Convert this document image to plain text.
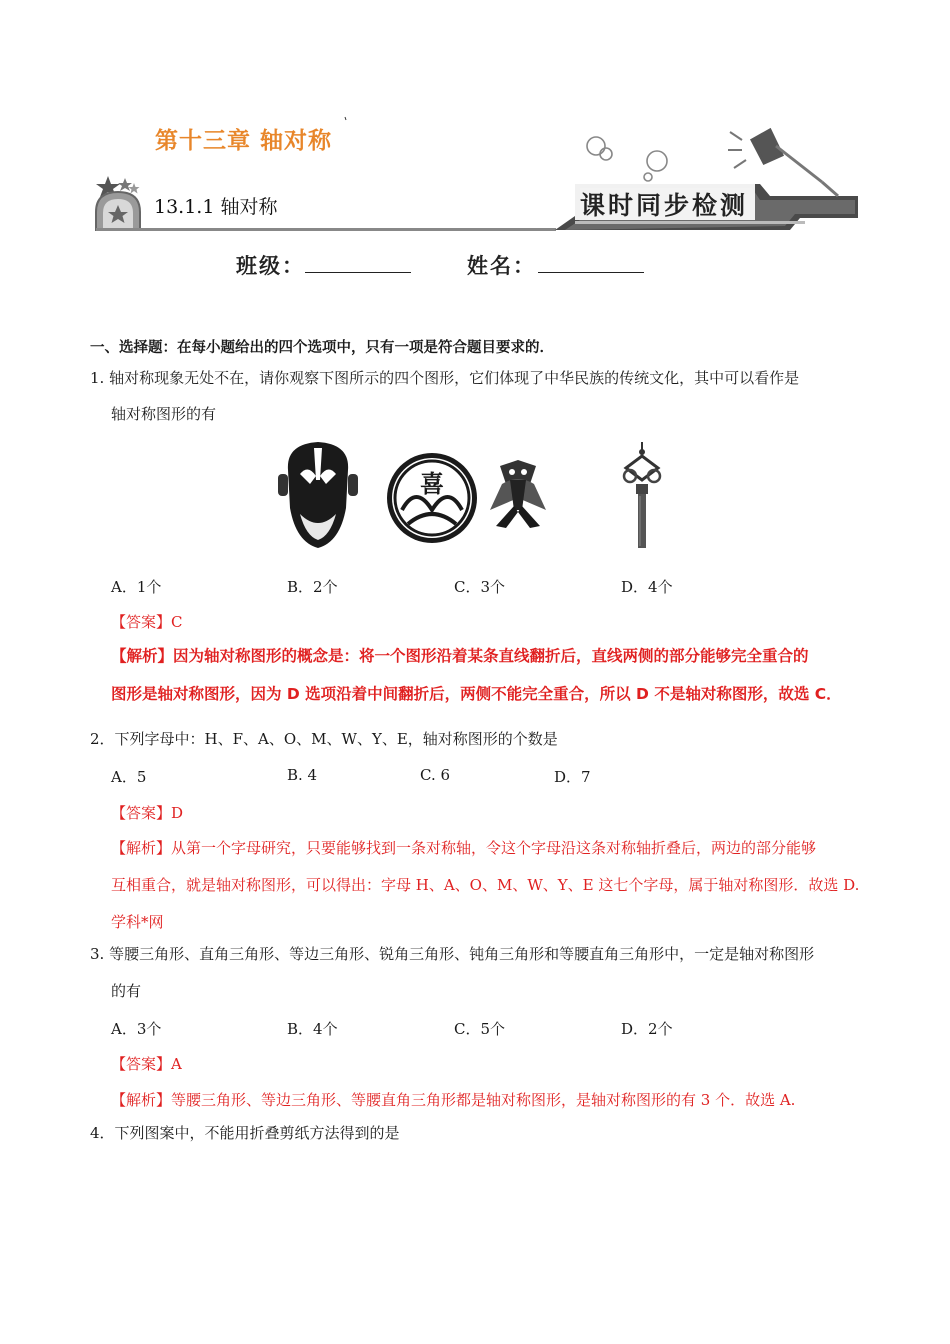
第十三章 轴对称
13.1.1 轴对称	课时同步检测
班级：	姓名：
一、选择题：在每小题给出的四个选项中，只有一项是符合题目要求的．
1. 轴对称现象无处不在，请你观察下图所示的四个图形，它们体现了中华民族的传统文化，其中可以看作是
轴对称图形的有
喜
A．1个	B．2个	C．3个	D．4个
【答案】C
【解析】因为轴对称图形的概念是：将一个图形沿着某条直线翻折后，直线两侧的部分能够完全重合的
图形是轴对称图形，因为 D 选项沿着中间翻折后，两侧不能完全重合，所以 D 不是轴对称图形，故选 C．
2．下列字母中：H、F、A、O、M、W、Y、E，轴对称图形的个数是
A．5	B. 4	C. 6	D．7
【答案】D
【解析】从第一个字母研究，只要能够找到一条对称轴，令这个字母沿这条对称轴折叠后，两边的部分能够
互相重合，就是轴对称图形，可以得出：字母 H、A、O、M、W、Y、E 这七个字母，属于轴对称图形．故选 D.
学科*网
3. 等腰三角形、直角三角形、等边三角形、锐角三角形、钝角三角形和等腰直角三角形中，一定是轴对称图形
的有
A．3个	B．4个	C．5个	D．2个
【答案】A
【解析】等腰三角形、等边三角形、等腰直角三角形都是轴对称图形，是轴对称图形的有 3 个．故选 A.
4．下列图案中，不能用折叠剪纸方法得到的是
